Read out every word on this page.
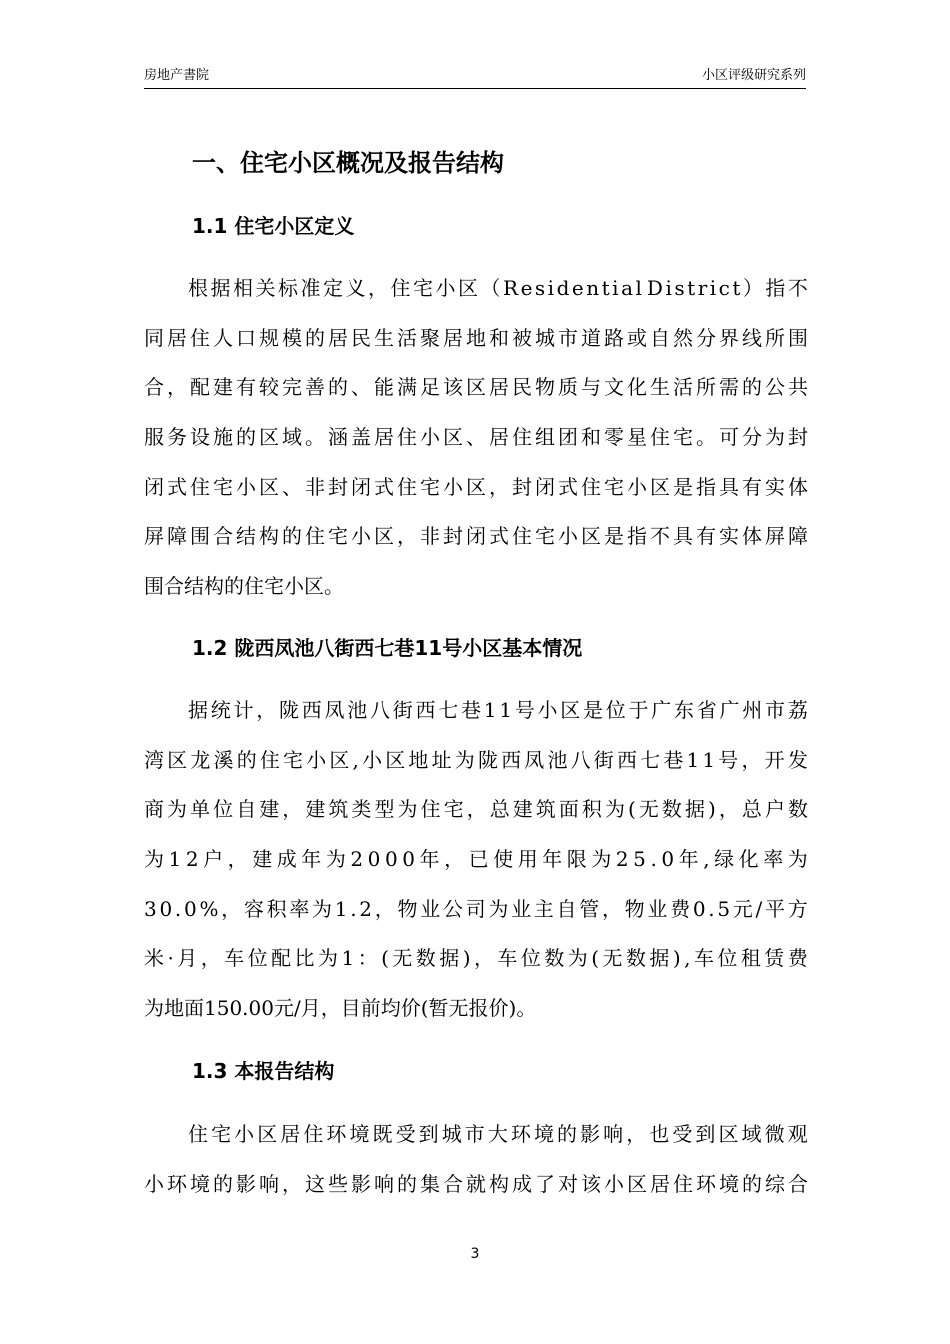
房地产書院	小区评级研究系列
一、住宅小区概况及报告结构
1.1 住宅小区定义
根 据 相 关 标 准 定 义 ， 住 宅 小 区 （ R e s i d e n t i a l D i s t r i c t ） 指 不
同 居 住 人 口 规 模 的 居 民 生 活 聚 居 地 和 被 城 市 道 路 或 自 然 分 界 线 所 围
合 ， 配 建 有 较 完 善 的 、 能 满 足 该 区 居 民 物 质 与 文 化 生 活 所 需 的 公 共
服 务 设 施 的 区 域 。 涵 盖 居 住 小 区 、 居 住 组 团 和 零 星 住 宅 。 可 分 为 封
闭 式 住 宅 小 区 、 非 封 闭 式 住 宅 小 区 ， 封 闭 式 住 宅 小 区 是 指 具 有 实 体
屏 障 围 合 结 构 的 住 宅 小 区 ， 非 封 闭 式 住 宅 小 区 是 指 不 具 有 实 体 屏 障
围合结构的住宅小区。
1.2 陇西凤池八街西七巷11号小区基本情况
据 统 计 ， 陇 西 凤 池 八 街 西 七 巷 1 1 号 小 区 是 位 于 广 东 省 广 州 市 荔
湾 区 龙 溪 的 住 宅 小 区 , 小 区 地 址 为 陇 西 凤 池 八 街 西 七 巷 1 1 号 ， 开 发
商 为 单 位 自 建 ， 建 筑 类 型 为 住 宅 ， 总 建 筑 面 积 为 ( 无 数 据 ) ， 总 户 数
为 1 2 户 ， 建 成 年 为 2 0 0 0 年 ， 已 使 用 年 限 为 2 5 . 0 年 , 绿 化 率 为
3 0 . 0 % ， 容 积 率 为 1 . 2 ， 物 业 公 司 为 业 主 自 管 ， 物 业 费 0 . 5 元 / 平 方
米 · 月 ， 车 位 配 比 为 1 ： ( 无 数 据 ) ， 车 位 数 为 ( 无 数 据 ) , 车 位 租 赁 费
为地面150.00元/月，目前均价(暂无报价)。
1.3 本报告结构
住 宅 小 区 居 住 环 境 既 受 到 城 市 大 环 境 的 影 响 ， 也 受 到 区 域 微 观
小 环 境 的 影 响 ， 这 些 影 响 的 集 合 就 构 成 了 对 该 小 区 居 住 环 境 的 综 合
3
